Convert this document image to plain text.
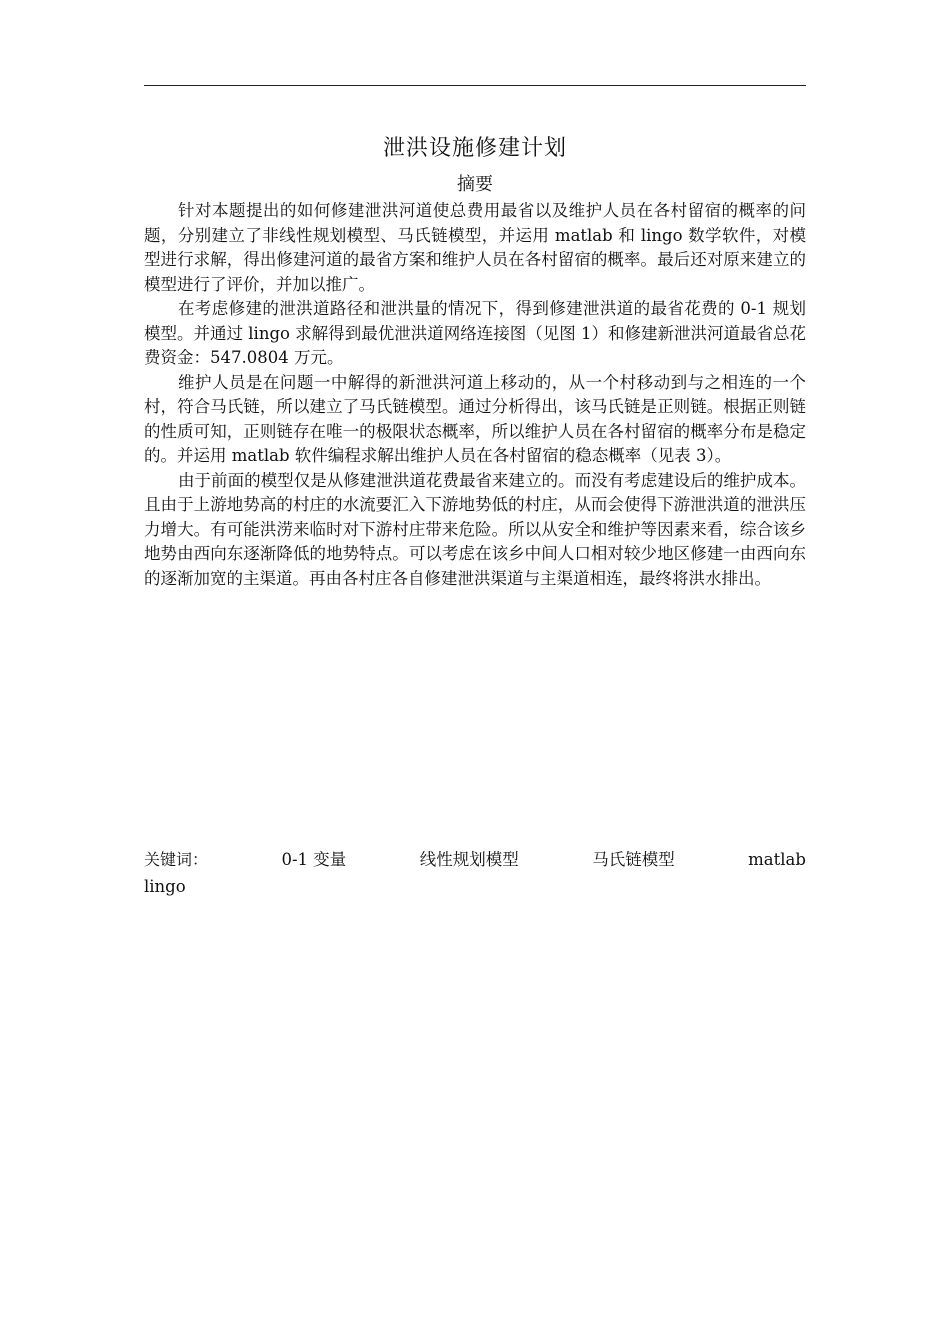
泄洪设施修建计划
摘要

针对本题提出的如何修建泄洪河道使总费用最省以及维护人员在各村留宿的概率的问题，分别建立了非线性规划模型、马氏链模型，并运用 matlab 和 lingo 数学软件，对模型进行求解，得出修建河道的最省方案和维护人员在各村留宿的概率。最后还对原来建立的模型进行了评价，并加以推广。

在考虑修建的泄洪道路径和泄洪量的情况下，得到修建泄洪道的最省花费的 0-1 规划模型。并通过 lingo 求解得到最优泄洪道网络连接图（见图 1）和修建新泄洪河道最省总花费资金：547.0804 万元。

维护人员是在问题一中解得的新泄洪河道上移动的，从一个村移动到与之相连的一个村，符合马氏链，所以建立了马氏链模型。通过分析得出，该马氏链是正则链。根据正则链的性质可知，正则链存在唯一的极限状态概率，所以维护人员在各村留宿的概率分布是稳定的。并运用 matlab 软件编程求解出维护人员在各村留宿的稳态概率（见表 3）。

由于前面的模型仅是从修建泄洪道花费最省来建立的。而没有考虑建设后的维护成本。且由于上游地势高的村庄的水流要汇入下游地势低的村庄，从而会使得下游泄洪道的泄洪压力增大。有可能洪涝来临时对下游村庄带来危险。所以从安全和维护等因素来看，综合该乡地势由西向东逐渐降低的地势特点。可以考虑在该乡中间人口相对较少地区修建一由西向东的逐渐加宽的主渠道。再由各村庄各自修建泄洪渠道与主渠道相连，最终将洪水排出。

关键词：	0-1 变量	线性规划模型	马氏链模型	matlab
lingo
